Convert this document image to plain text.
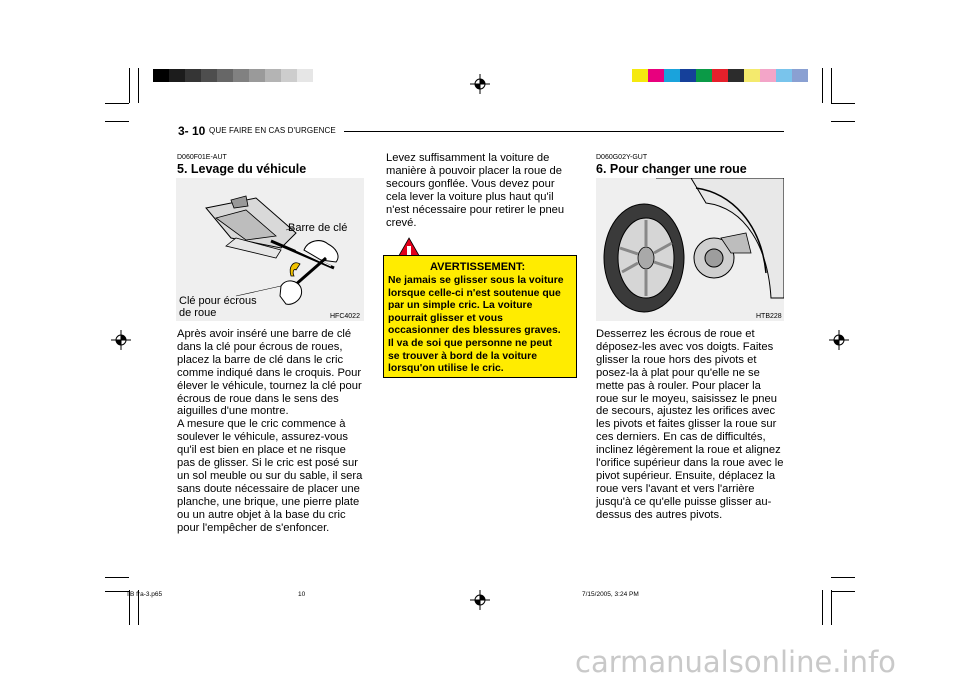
3- 10 QUE FAIRE EN CAS D'URGENCE
D060F01E-AUT
5. Levage du véhicule
Barre de clé
Clé pour écrous
de roue	HFC4022
Après avoir inséré une barre de clé
dans la clé pour écrous de roues,
placez la barre de clé dans le cric
comme indiqué dans le croquis. Pour
élever le véhicule, tournez la clé pour
écrous de roue dans le sens des
aiguilles d'une montre.
A mesure que le cric commence à
soulever le véhicule, assurez-vous
qu'il est bien en place et ne risque
pas de glisser. Si le cric est posé sur
un sol meuble ou sur du sable, il sera
sans doute nécessaire de placer une
planche, une brique, une pierre plate
ou un autre objet à la base du cric
pour l'empêcher de s'enfoncer.
Levez suffisamment la voiture de
manière à pouvoir placer la roue de
secours gonflée. Vous devez pour
cela lever la voiture plus haut qu'il
n'est nécessaire pour retirer le pneu
crevé.
AVERTISSEMENT:
Ne jamais se glisser sous la voiture
lorsque celle-ci n'est soutenue que
par un simple cric. La voiture
pourrait glisser et vous
occasionner des blessures graves.
Il va de soi que personne ne peut
se trouver à bord de la voiture
lorsqu'on utilise le cric.
D060G02Y-GUT
6. Pour changer une roue
HTB228
Desserrez les écrous de roue et
déposez-les avec vos doigts. Faites
glisser la roue hors des pivots et
posez-la à plat pour qu'elle ne se
mette pas à rouler. Pour placer la
roue sur le moyeu, saisissez le pneu
de secours, ajustez les orifices avec
les pivots et faites glisser la roue sur
ces derniers. En cas de difficultés,
inclinez légèrement la roue et alignez
l'orifice supérieur dans la roue avec le
pivot supérieur. Ensuite, déplacez la
roue vers l'avant et vers l'arrière
jusqu'à ce qu'elle puisse glisser au-
dessus des autres pivots.
TB fra-3.p65	10	7/15/2005, 3:24 PM
carmanualsonline.info
